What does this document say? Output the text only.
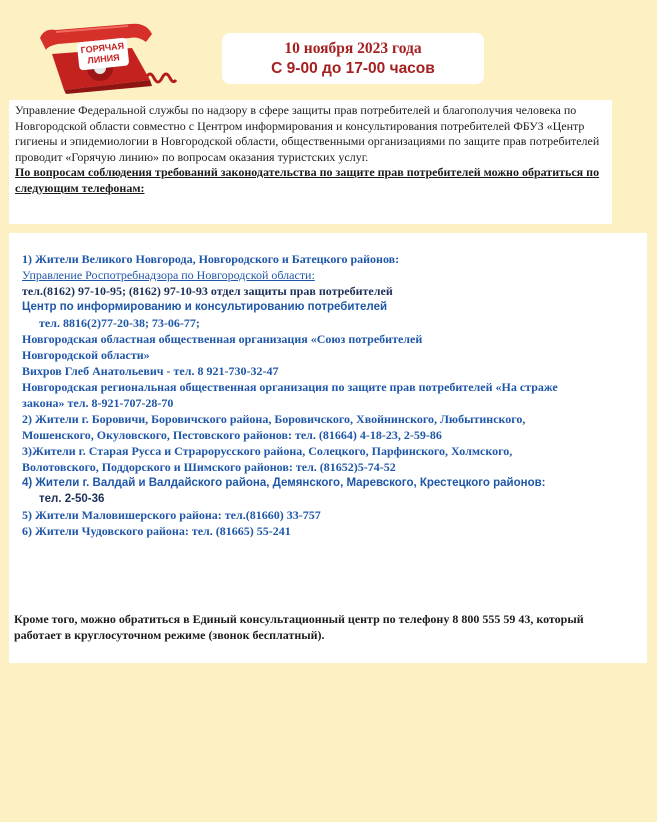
ГОРЯЧАЯ
ЛИНИЯ
10 ноября 2023 года
С 9-00 до 17-00 часов

Управление Федеральной службы по надзору в сфере защиты прав потребителей и благополучия человека по Новгородской области совместно с Центром информирования и консультирования потребителей ФБУЗ «Центр гигиены и эпидемиологии в Новгородской области, общественными организациями по защите прав потребителей проводит «Горячую линию» по вопросам оказания туристских услуг.

По вопросам соблюдения требований законодательства по защите прав потребителей можно обратиться по следующим телефонам:

1) Жители Великого Новгорода, Новгородского и Батецкого районов:

Управление Роспотребнадзора по Новгородской области:

тел.(8162) 97-10-95; (8162) 97-10-93 отдел защиты прав потребителей

Центр по информированию и консультированию потребителей

тел. 8816(2)77-20-38; 73-06-77;

Новгородская областная общественная организация «Союз потребителей

Новгородской области»

Вихров Глеб Анатольевич - тел. 8 921-730-32-47

Новгородская региональная общественная организация по защите прав потребителей «На страже

закона» тел. 8-921-707-28-70

2) Жители г. Боровичи, Боровичского района, Боровичского, Хвойнинского, Любытинского,

Мошенского, Окуловского, Пестовского районов: тел. (81664) 4-18-23, 2-59-86

3)Жители г. Старая Русса и Страрорусского района, Солецкого, Парфинского, Холмского,

Волотовского, Поддорского и Шимского районов: тел. (81652)5-74-52

4) Жители г. Валдай и Валдайского района, Демянского, Маревского, Крестецкого районов:

тел. 2-50-36

5) Жители Маловишерского района: тел.(81660) 33-757

6) Жители Чудовского района: тел. (81665) 55-241

Кроме того, можно обратиться в Единый консультационный центр по телефону 8 800 555 59 43, который работает в круглосуточном режиме (звонок бесплатный).
